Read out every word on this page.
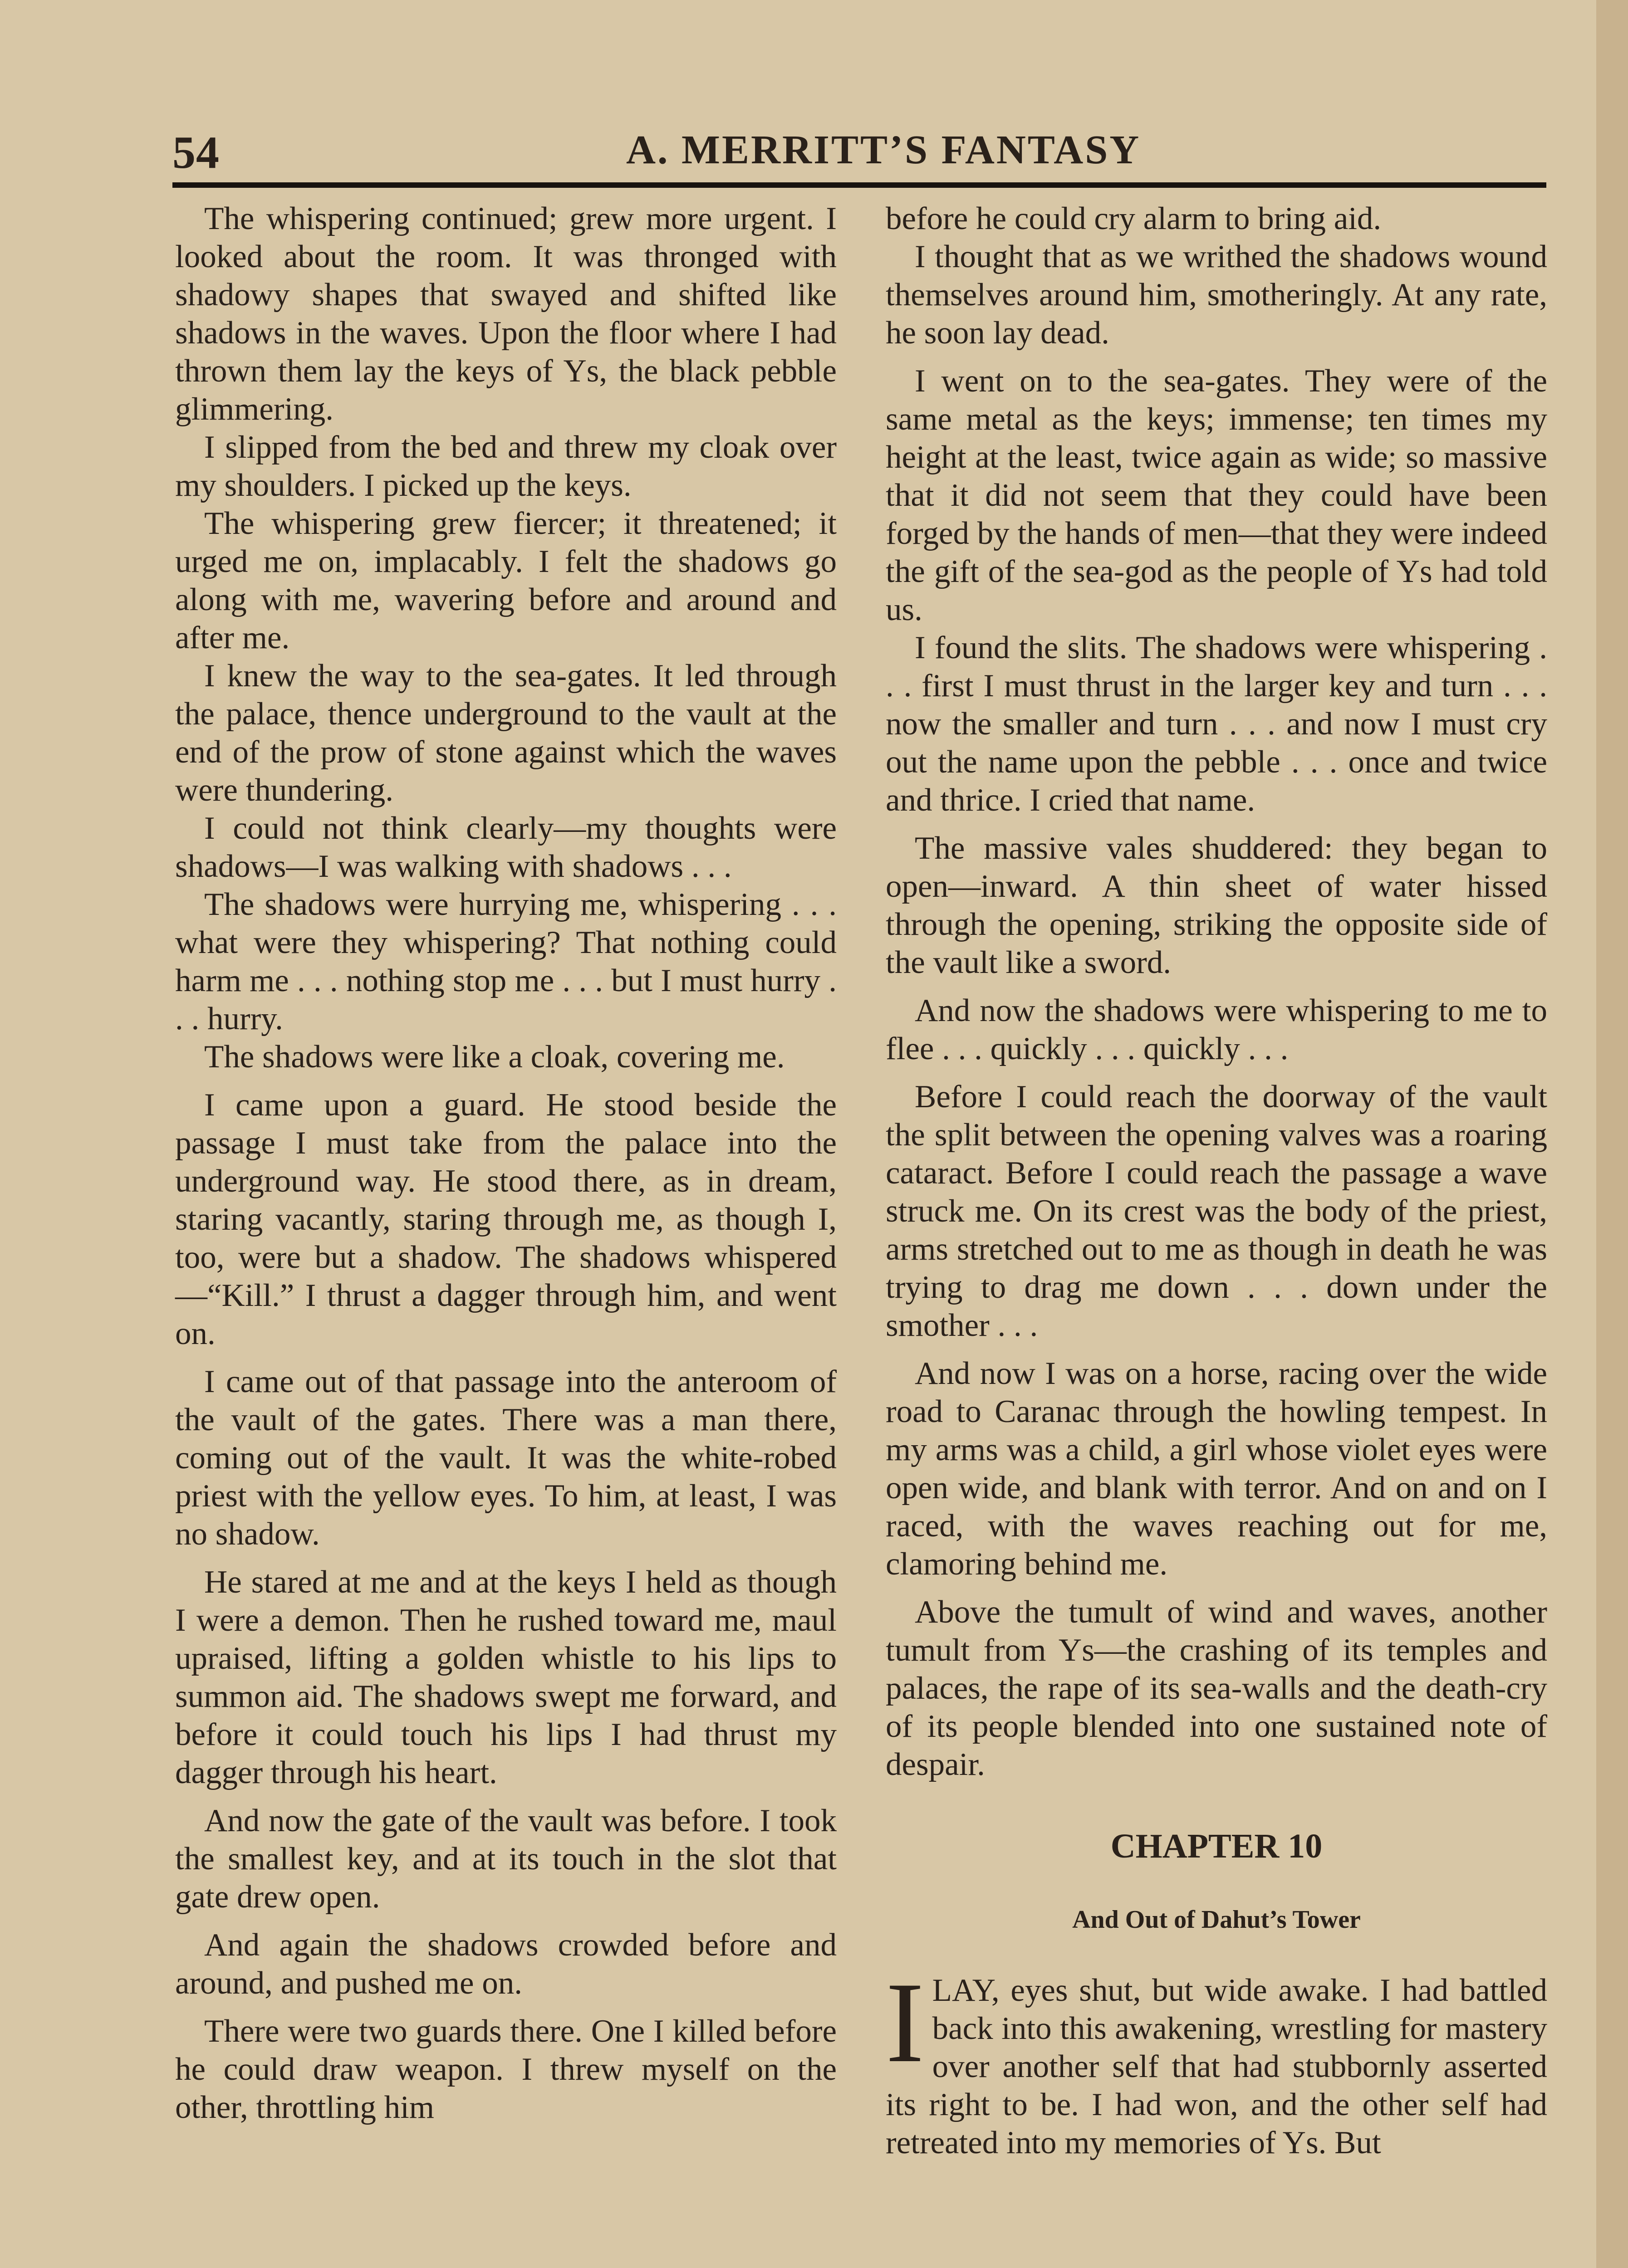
54	A. MERRITT’S FANTASY

The whispering continued; grew more urgent. I looked about the room. It was thronged with shadowy shapes that swayed and shifted like shadows in the waves. Upon the floor where I had thrown them lay the keys of Ys, the black pebble glimmering.

I slipped from the bed and threw my cloak over my shoulders. I picked up the keys.

The whispering grew fiercer; it threatened; it urged me on, implacably. I felt the shadows go along with me, wavering before and around and after me.

I knew the way to the sea-gates. It led through the palace, thence underground to the vault at the end of the prow of stone against which the waves were thundering.

I could not think clearly—my thoughts were shadows—I was walking with shadows . . .

The shadows were hurrying me, whispering . . . what were they whispering? That nothing could harm me . . . nothing stop me . . . but I must hurry . . . hurry.

The shadows were like a cloak, covering me.

I came upon a guard. He stood beside the passage I must take from the palace into the underground way. He stood there, as in dream, staring vacantly, staring through me, as though I, too, were but a shadow. The shadows whispered—“Kill.” I thrust a dagger through him, and went on.

I came out of that passage into the anteroom of the vault of the gates. There was a man there, coming out of the vault. It was the white-robed priest with the yellow eyes. To him, at least, I was no shadow.

He stared at me and at the keys I held as though I were a demon. Then he rushed toward me, maul upraised, lifting a golden whistle to his lips to summon aid. The shadows swept me forward, and before it could touch his lips I had thrust my dagger through his heart.

And now the gate of the vault was before. I took the smallest key, and at its touch in the slot that gate drew open.

And again the shadows crowded before and around, and pushed me on.

There were two guards there. One I killed before he could draw weapon. I threw myself on the other, throttling him

before he could cry alarm to bring aid.

I thought that as we writhed the shadows wound themselves around him, smotheringly. At any rate, he soon lay dead.

I went on to the sea-gates. They were of the same metal as the keys; immense; ten times my height at the least, twice again as wide; so massive that it did not seem that they could have been forged by the hands of men—that they were indeed the gift of the sea-god as the people of Ys had told us.

I found the slits. The shadows were whispering . . . first I must thrust in the larger key and turn . . . now the smaller and turn . . . and now I must cry out the name upon the pebble . . . once and twice and thrice. I cried that name.

The massive vales shuddered: they began to open—inward. A thin sheet of water hissed through the opening, striking the opposite side of the vault like a sword.

And now the shadows were whispering to me to flee . . . quickly . . . quickly . . .

Before I could reach the doorway of the vault the split between the opening valves was a roaring cataract. Before I could reach the passage a wave struck me. On its crest was the body of the priest, arms stretched out to me as though in death he was trying to drag me down . . . down under the smother . . .

And now I was on a horse, racing over the wide road to Caranac through the howling tempest. In my arms was a child, a girl whose violet eyes were open wide, and blank with terror. And on and on I raced, with the waves reaching out for me, clamoring behind me.

Above the tumult of wind and waves, another tumult from Ys—the crashing of its temples and palaces, the rape of its sea-walls and the death-cry of its people blended into one sustained note of despair.

CHAPTER 10
And Out of Dahut’s Tower

ILAY, eyes shut, but wide awake. I had battled back into this awakening, wrestling for mastery over another self that had stubbornly asserted its right to be. I had won, and the other self had retreated into my memories of Ys. But
